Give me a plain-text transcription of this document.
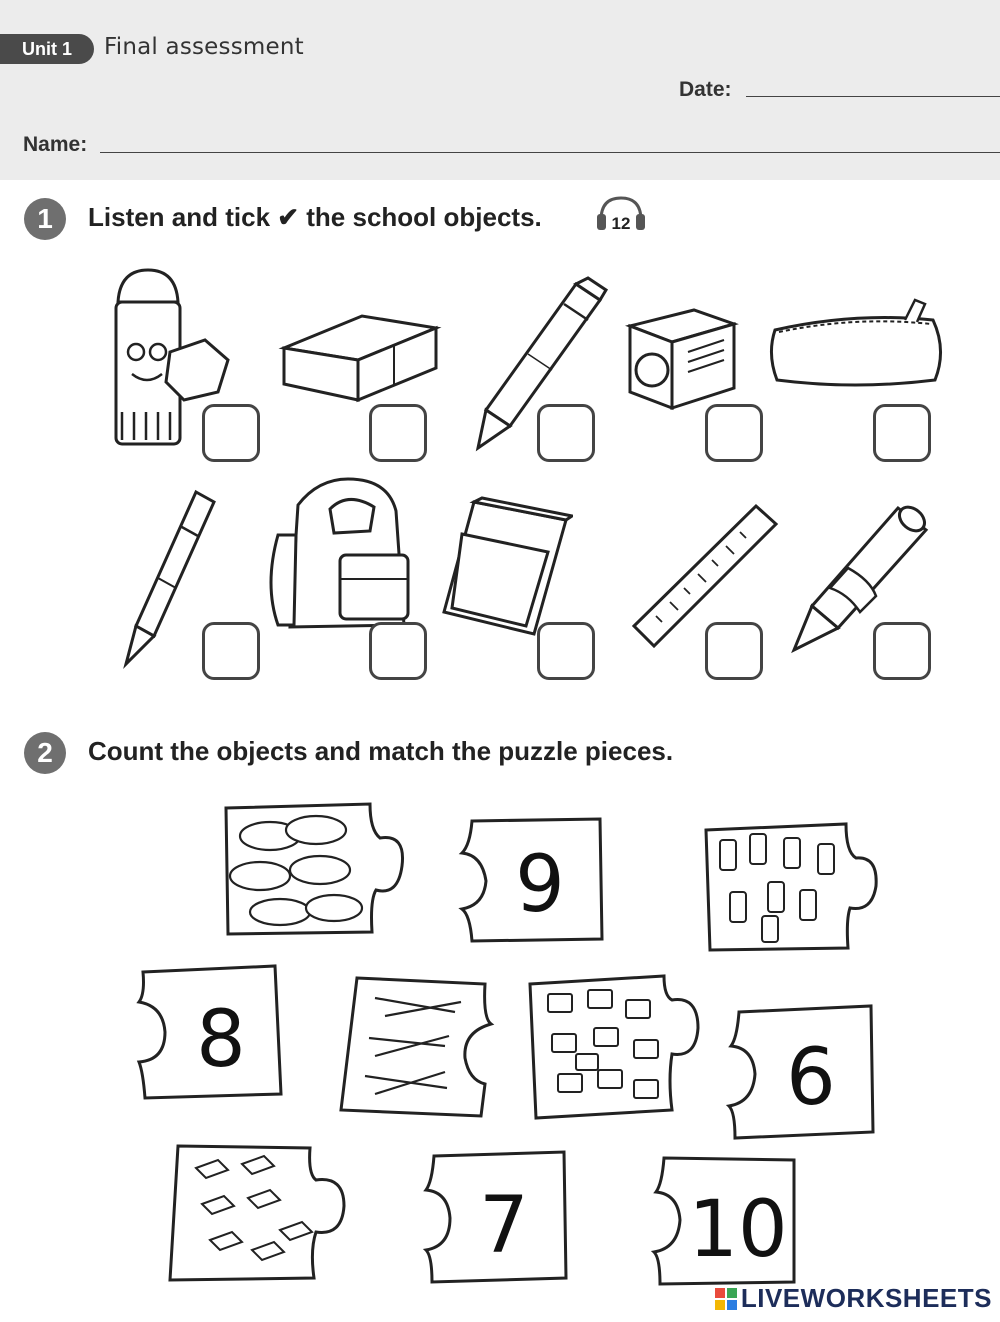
Unit 1	Final assessment
Date:
Name:
1	Listen and tick ✔ the school objects.	12
2	Count the objects and match the puzzle pieces.
9
8	6
7 10
LIVEWORKSHEETS
